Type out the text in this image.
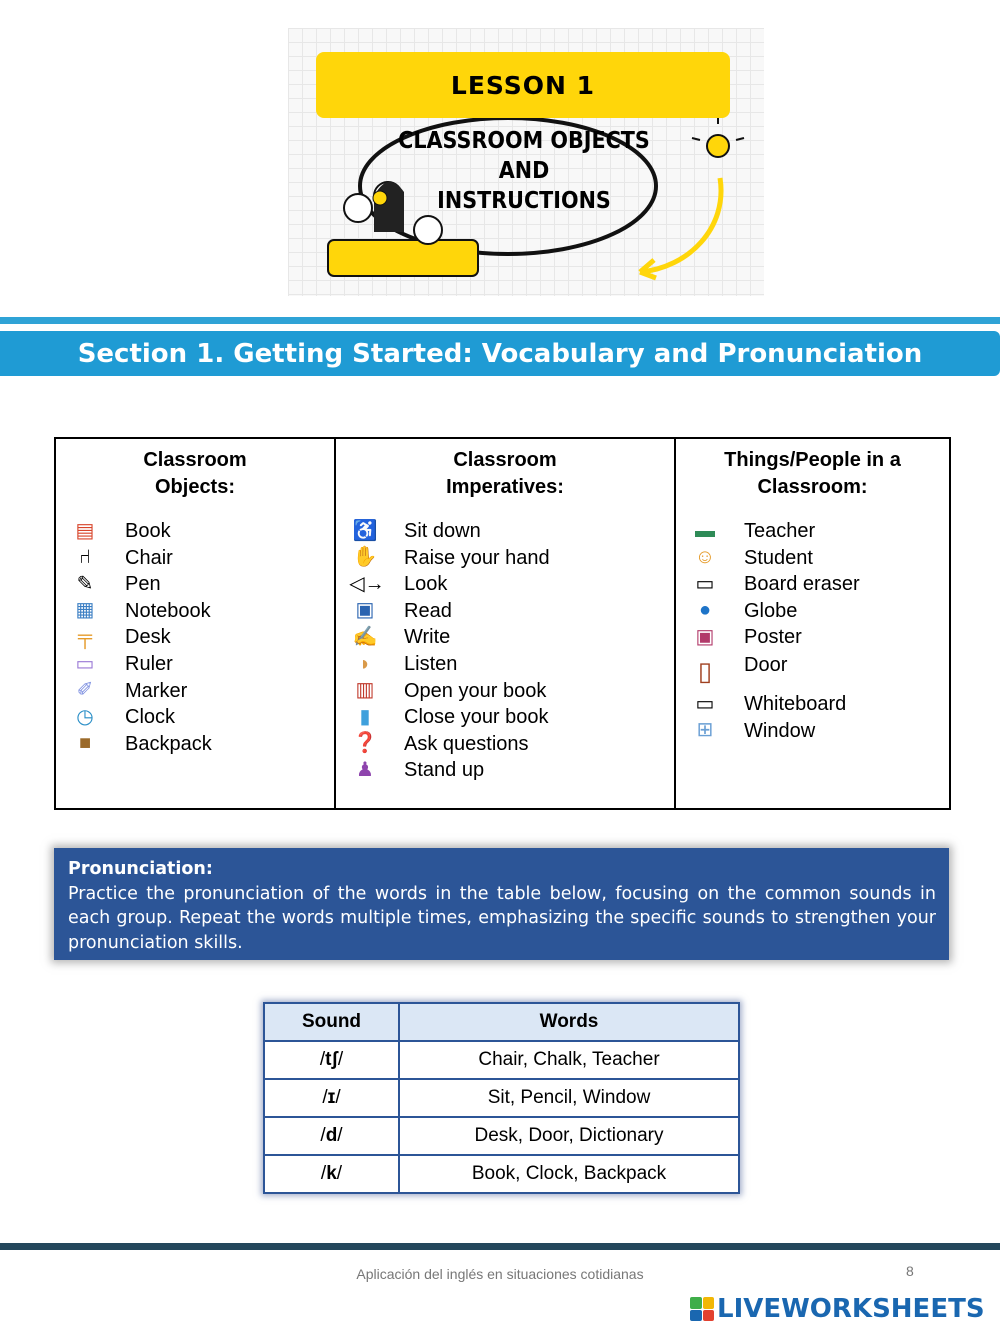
LESSON 1
CLASSROOM OBJECTS
AND
INSTRUCTIONS
Section 1. Getting Started: Vocabulary and Pronunciation
Classroom
Objects:
▤ Book
⑁	Chair
✎ Pen
▦ Notebook
╤ Desk
▭ Ruler
✐ Marker
◷ Clock
■	Backpack
Classroom
Imperatives:
♿ Sit down
✋ Raise your hand
◁→ Look
▣ Read
✍ Write
◗	Listen
▥ Open your book
▮	Close your book
❓ Ask questions
♟ Stand up
Things/People in a
Classroom:
▬ Teacher
☺ Student
▭ Board eraser
●	Globe
▣ Poster
▯ Door
▭ Whiteboard
⊞ Window
Pronunciation:
Practice the pronunciation of the words in the table below, focusing on the common sounds in each group. Repeat the words multiple times, emphasizing the specific sounds to strengthen your pronunciation skills.
Sound	Words
/tʃ/	Chair, Chalk, Teacher
/ɪ/	Sit, Pencil, Window
/d/	Desk, Door, Dictionary
/k/	Book, Clock, Backpack
Aplicación del inglés en situaciones cotidianas	8
LIVEWORKSHEETS
